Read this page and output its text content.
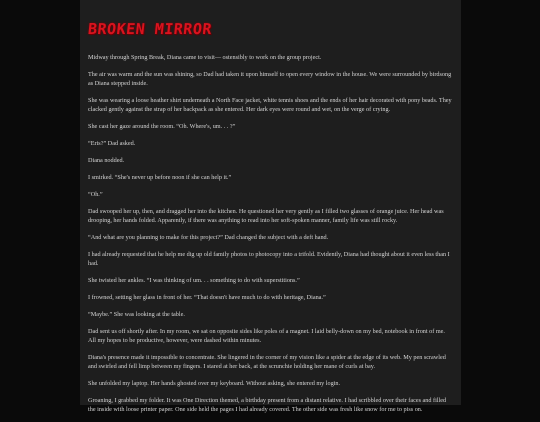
BROKEN MIRROR

Midway through Spring Break, Diana came to visit— ostensibly to work on the group project.

The air was warm and the sun was shining, so Dad had taken it upon himself to open every window in the house. We were surrounded by birdsong as Diana stepped inside.

She was wearing a loose heather shirt underneath a North Face jacket, white tennis shoes and the ends of her hair decorated with pony beads. They clacked gently against the strap of her backpack as she entered. Her dark eyes were round and wet, on the verge of crying.

She cast her gaze around the room. “Oh. Where's, um. . . ?”

“Eris?” Dad asked.

Diana nodded.

I smirked. “She's never up before noon if she can help it.”

“Oh.”

Dad swooped her up, then, and dragged her into the kitchen. He questioned her very gently as I filled two glasses of orange juice. Her head was drooping, her hands folded. Apparently, if there was anything to read into her soft-spoken manner, family life was still rocky.

“And what are you planning to make for this project?” Dad changed the subject with a deft hand.

I had already requested that he help me dig up old family photos to photocopy into a trifold. Evidently, Diana had thought about it even less than I had.

She twisted her ankles. “I was thinking of um. . . something to do with superstitions.”

I frowned, setting her glass in front of her. “That doesn't have much to do with heritage, Diana.”

“Maybe.” She was looking at the table.

Dad sent us off shortly after. In my room, we sat on opposite sides like poles of a magnet. I laid belly-down on my bed, notebook in front of me. All my hopes to be productive, however, were dashed within minutes.

Diana's presence made it impossible to concentrate. She lingered in the corner of my vision like a spider at the edge of its web. My pen scrawled and swirled and fell limp between my fingers. I stared at her back, at the scrunchie holding her mane of curls at bay.

She unfolded my laptop. Her hands ghosted over my keyboard. Without asking, she entered my login.

Groaning, I grabbed my folder. It was One Direction themed, a birthday present from a distant relative. I had scribbled over their faces and filled the inside with loose printer paper. One side held the pages I had already covered. The other side was fresh like snow for me to piss on.
